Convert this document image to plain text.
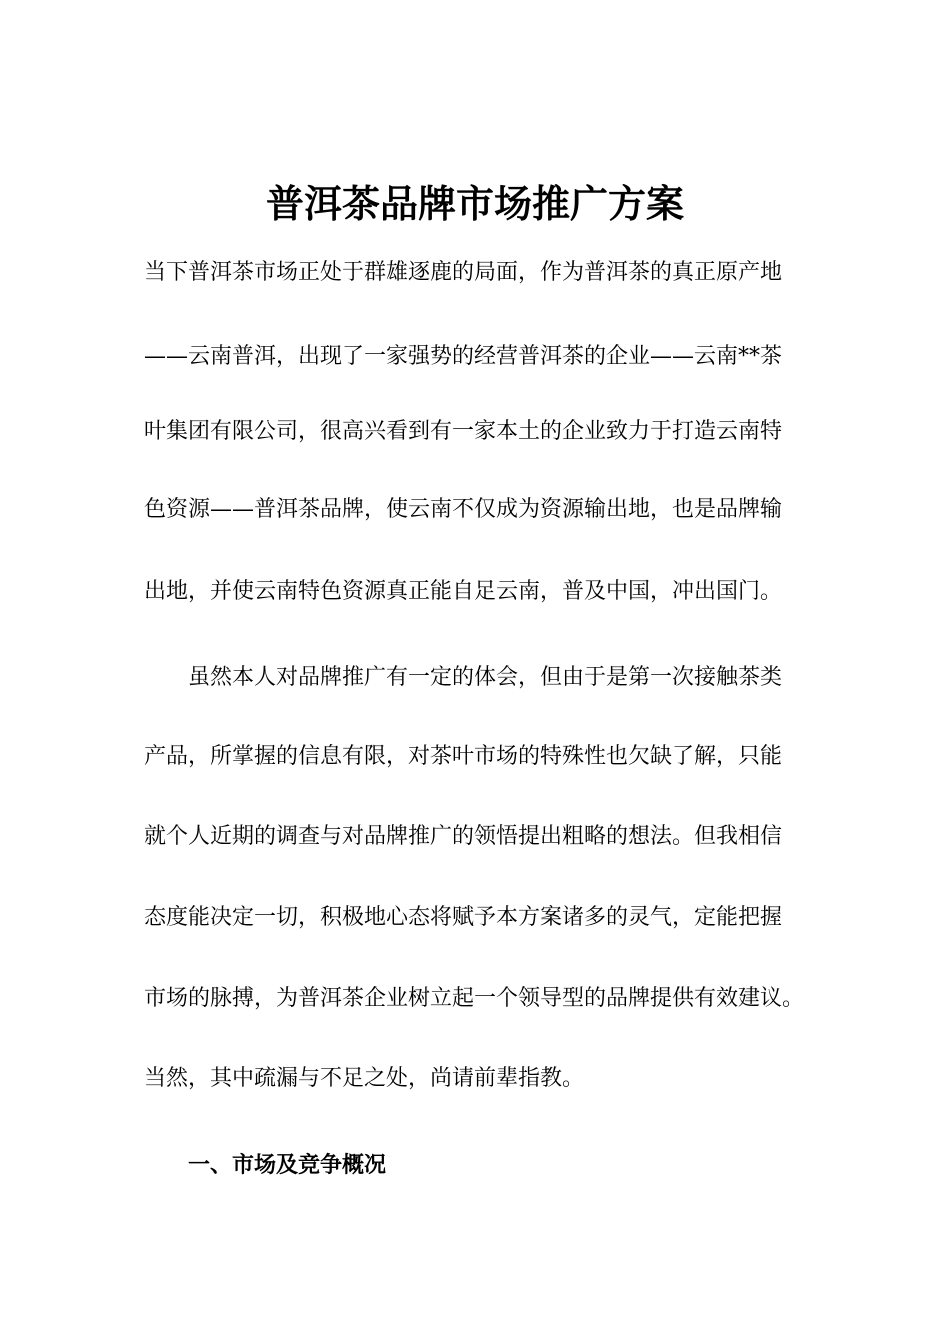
普洱茶品牌市场推广方案
当下普洱茶市场正处于群雄逐鹿的局面，作为普洱茶的真正原产地
——云南普洱，出现了一家强势的经营普洱茶的企业——云南**茶
叶集团有限公司，很高兴看到有一家本土的企业致力于打造云南特
色资源——普洱茶品牌，使云南不仅成为资源输出地，也是品牌输
出地，并使云南特色资源真正能自足云南，普及中国，冲出国门。
　　虽然本人对品牌推广有一定的体会，但由于是第一次接触茶类
产品，所掌握的信息有限，对茶叶市场的特殊性也欠缺了解，只能
就个人近期的调查与对品牌推广的领悟提出粗略的想法。但我相信
态度能决定一切，积极地心态将赋予本方案诸多的灵气，定能把握
市场的脉搏，为普洱茶企业树立起一个领导型的品牌提供有效建议。
当然，其中疏漏与不足之处，尚请前辈指教。
一、市场及竞争概况
